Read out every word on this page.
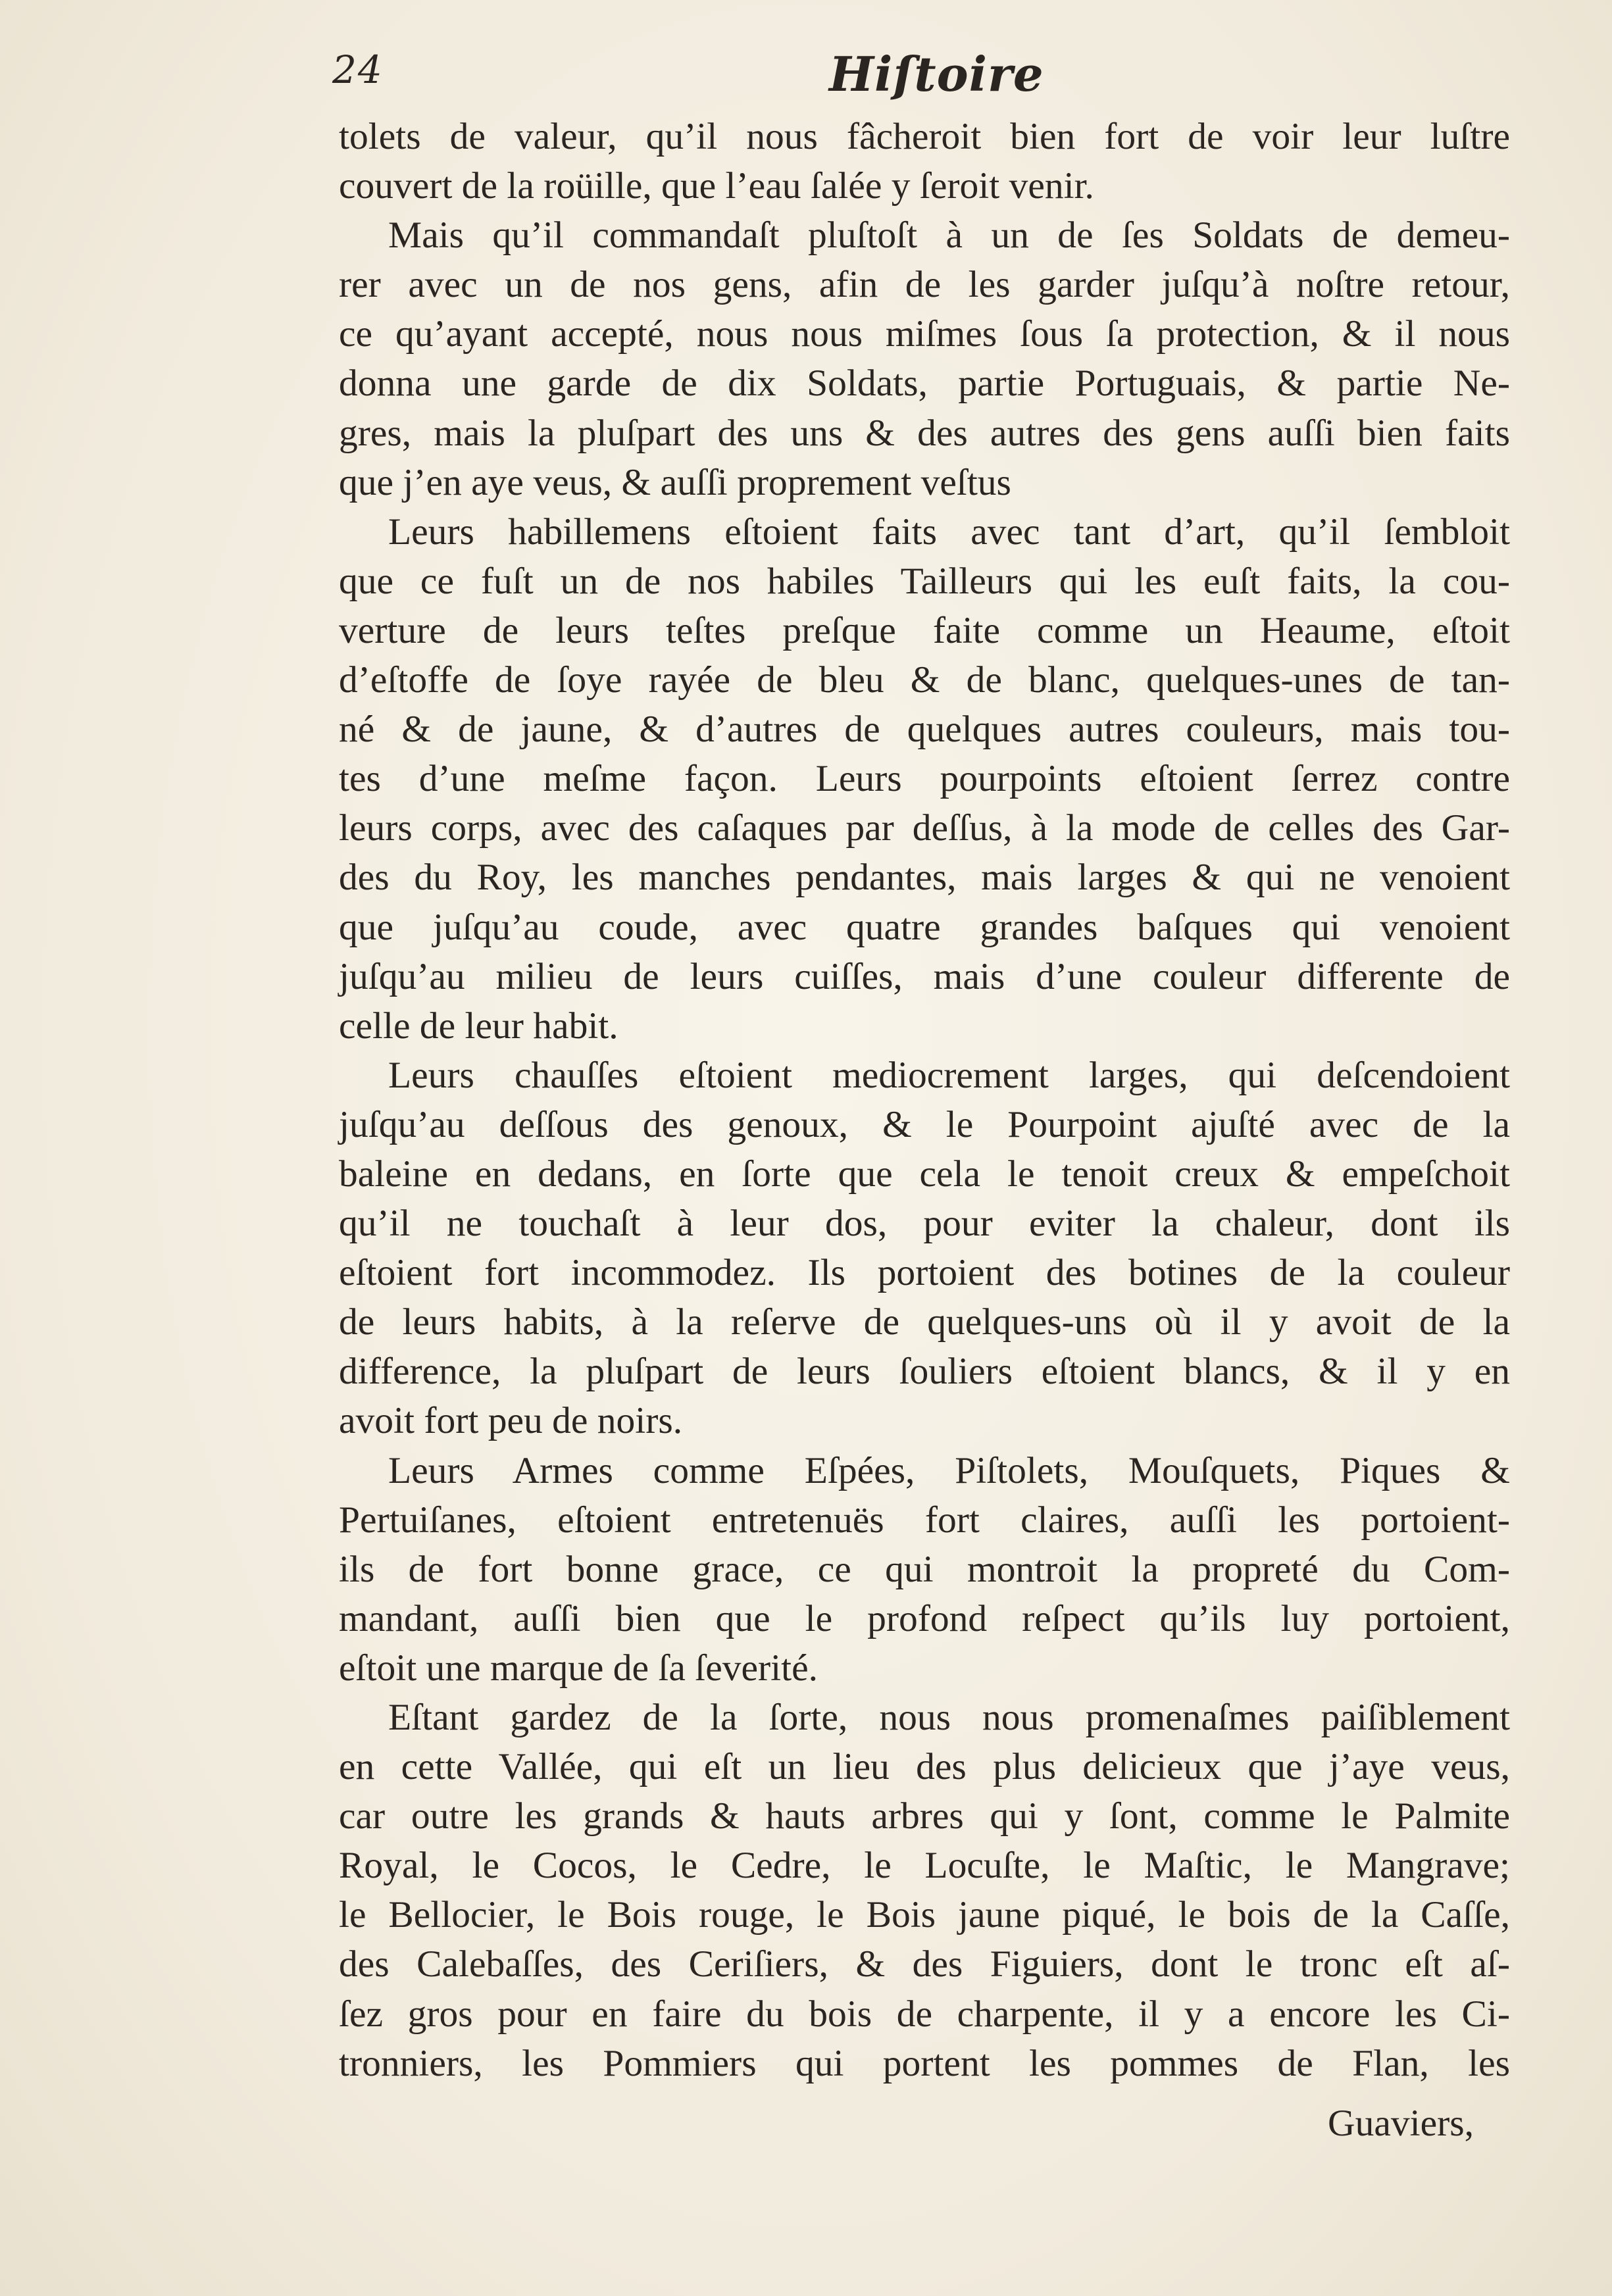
24	Hiſtoire
tolets de valeur, qu’il nous fâcheroit bien fort de voir leur luſtre
couvert de la roüille, que l’eau ſalée y ſeroit venir.
Mais qu’il commandaſt pluſtoſt à un de ſes Soldats de demeu-
rer avec un de nos gens, afin de les garder juſqu’à noſtre retour,
ce qu’ayant accepté, nous nous miſmes ſous ſa protection, & il nous
donna une garde de dix Soldats, partie Portuguais, & partie Ne-
gres, mais la pluſpart des uns & des autres des gens auſſi bien faits
que j’en aye veus, & auſſi proprement veſtus
Leurs habillemens eſtoient faits avec tant d’art, qu’il ſembloit
que ce fuſt un de nos habiles Tailleurs qui les euſt faits, la cou-
verture de leurs teſtes preſque faite comme un Heaume, eſtoit
d’eſtoffe de ſoye rayée de bleu & de blanc, quelques-unes de tan-
né & de jaune, & d’autres de quelques autres couleurs, mais tou-
tes d’une meſme façon. Leurs pourpoints eſtoient ſerrez contre
leurs corps, avec des caſaques par deſſus, à la mode de celles des Gar-
des du Roy, les manches pendantes, mais larges & qui ne venoient
que juſqu’au coude, avec quatre grandes baſques qui venoient
juſqu’au milieu de leurs cuiſſes, mais d’une couleur differente de
celle de leur habit.
Leurs chauſſes eſtoient mediocrement larges, qui deſcendoient
juſqu’au deſſous des genoux, & le Pourpoint ajuſté avec de la
baleine en dedans, en ſorte que cela le tenoit creux & empeſchoit
qu’il ne touchaſt à leur dos, pour eviter la chaleur, dont ils
eſtoient fort incommodez. Ils portoient des botines de la couleur
de leurs habits, à la reſerve de quelques-uns où il y avoit de la
difference, la pluſpart de leurs ſouliers eſtoient blancs, & il y en
avoit fort peu de noirs.
Leurs Armes comme Eſpées, Piſtolets, Mouſquets, Piques &
Pertuiſanes, eſtoient entretenuës fort claires, auſſi les portoient-
ils de fort bonne grace, ce qui montroit la propreté du Com-
mandant, auſſi bien que le profond reſpect qu’ils luy portoient,
eſtoit une marque de ſa ſeverité.
Eſtant gardez de la ſorte, nous nous promenaſmes paiſiblement
en cette Vallée, qui eſt un lieu des plus delicieux que j’aye veus,
car outre les grands & hauts arbres qui y ſont, comme le Palmite
Royal, le Cocos, le Cedre, le Locuſte, le Maſtic, le Mangrave;
le Bellocier, le Bois rouge, le Bois jaune piqué, le bois de la Caſſe,
des Calebaſſes, des Ceriſiers, & des Figuiers, dont le tronc eſt aſ-
ſez gros pour en faire du bois de charpente, il y a encore les Ci-
tronniers, les Pommiers qui portent les pommes de Flan, les
Guaviers,
